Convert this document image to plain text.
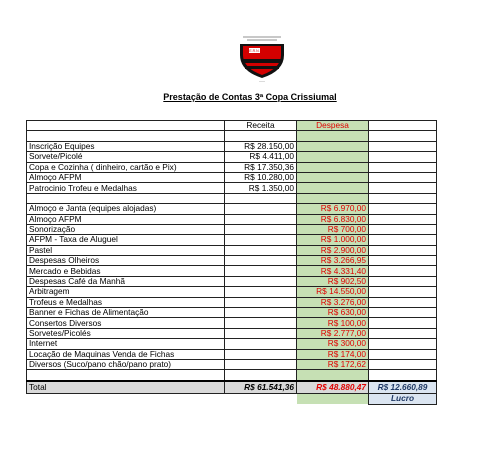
E.R.N.
——
Prestação de Contas 3ª Copa Crissiumal
	Receita	Despesa	

Inscrição Equipes	R$ 28.150,00		
Sorvete/Picolé	R$ 4.411,00		
Copa e Cozinha ( dinheiro, cartão e Pix)	R$ 17.350,36		
Almoço AFPM	R$ 10.280,00		
Patrocinio Trofeu e Medalhas	R$ 1.350,00		

Almoço e Janta (equipes alojadas)		R$ 6.970,00	
Almoço AFPM		R$ 6.830,00	
Sonorização		R$ 700,00	
AFPM - Taxa de Aluguel		R$ 1.000,00	
Pastel		R$ 2.900,00	
Despesas Olheiros		R$ 3.266,95	
Mercado e Bebidas		R$ 4.331,40	
Despesas Café da Manhã		R$ 902,50	
Arbitragem		R$ 14.550,00	
Trofeus e Medalhas		R$ 3.276,00	
Banner e Fichas de Alimentação		R$ 630,00	
Consertos Diversos		R$ 100,00	
Sorvetes/Picolés		R$ 2.777,00	
Internet		R$ 300,00	
Locação de Maquinas Venda de Fichas		R$ 174,00	
Diversos (Suco/pano chão/pano prato)		R$ 172,62	

Total	R$ 61.541,36	R$ 48.880,47	R$ 12.660,89
			Lucro
